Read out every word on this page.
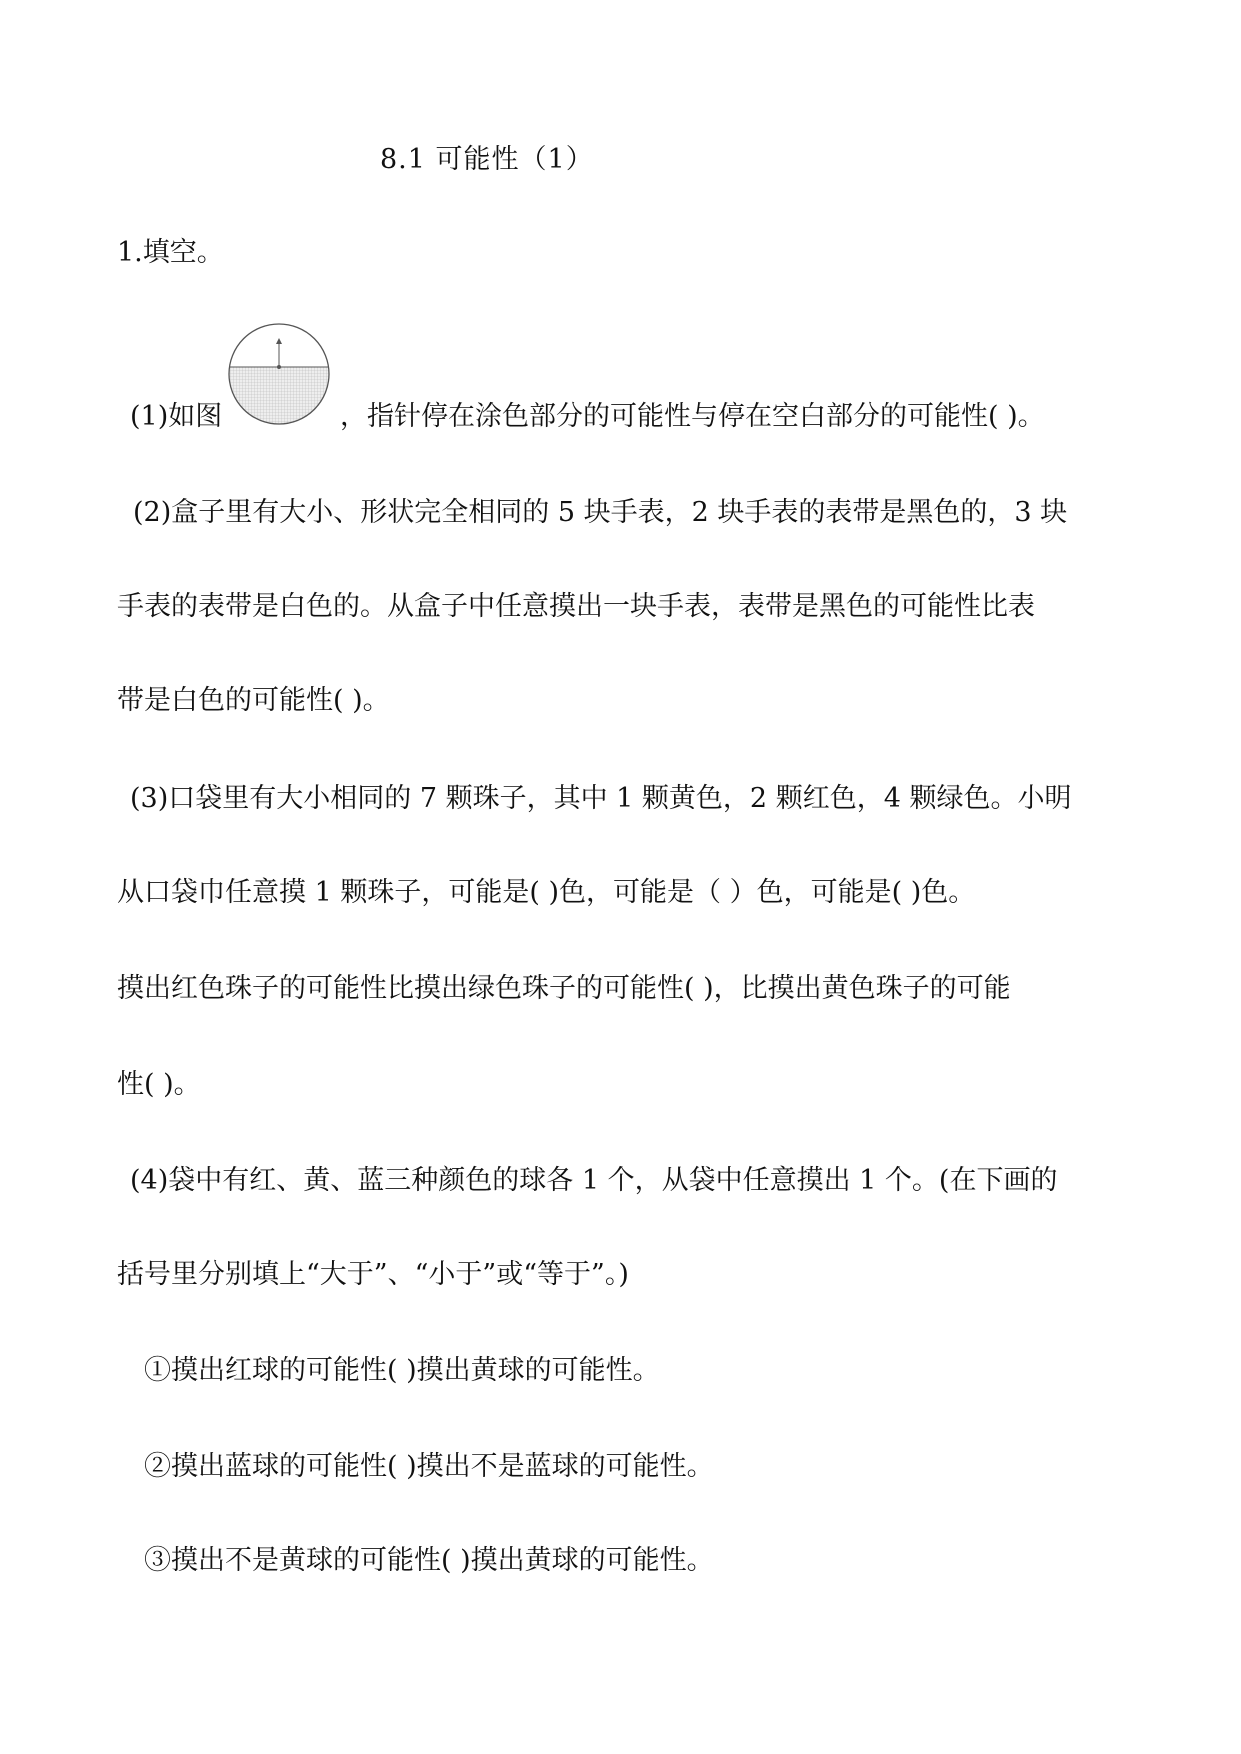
8.1 可能性（1）
1.填空。
(1)如图	，指针停在涂色部分的可能性与停在空白部分的可能性( )。
(2)盒子里有大小、形状完全相同的 5 块手表，2 块手表的表带是黑色的，3 块
手表的表带是白色的。从盒子中任意摸出一块手表，表带是黑色的可能性比表
带是白色的可能性( )。
(3)口袋里有大小相同的 7 颗珠子，其中 1 颗黄色，2 颗红色，4 颗绿色。小明
从口袋巾任意摸 1 颗珠子，可能是( )色，可能是（ ）色，可能是( )色。
摸出红色珠子的可能性比摸出绿色珠子的可能性( )，比摸出黄色珠子的可能
性( )。
(4)袋中有红、黄、蓝三种颜色的球各 1 个，从袋中任意摸出 1 个。(在下画的
括号里分别填上“大于”、“小于”或“等于”。)
①摸出红球的可能性( )摸出黄球的可能性。
②摸出蓝球的可能性( )摸出不是蓝球的可能性。
③摸出不是黄球的可能性( )摸出黄球的可能性。
